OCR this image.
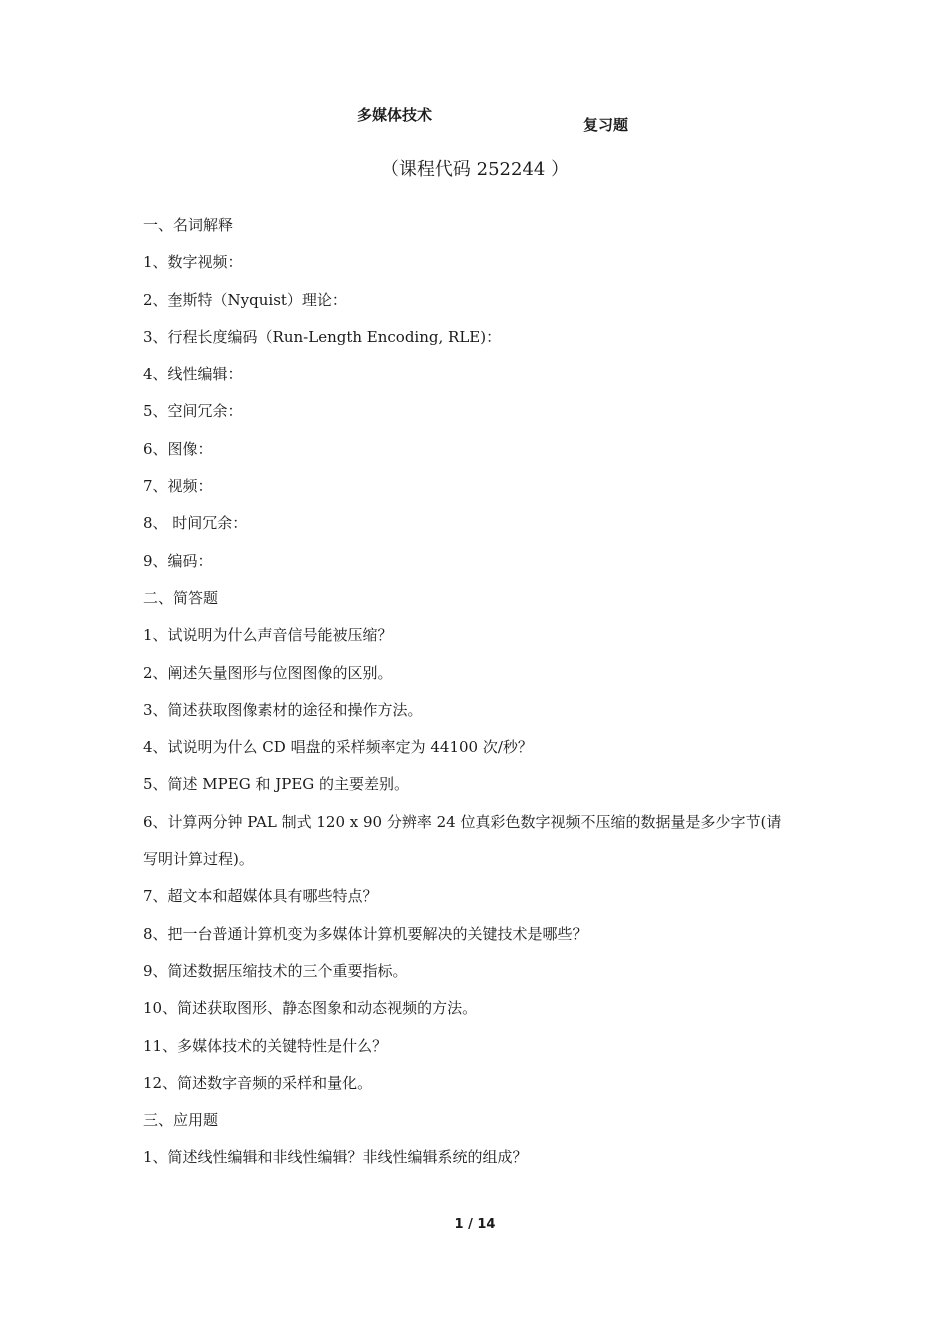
多媒体技术
复习题
（课程代码 252244 ）
一、名词解释
1、数字视频：
2、奎斯特（Nyquist）理论：
3、行程长度编码（Run-Length Encoding, RLE)：
4、线性编辑：
5、空间冗余：
6、图像：
7、视频：
8、 时间冗余：
9、编码：
二、简答题
1、试说明为什么声音信号能被压缩？
2、阐述矢量图形与位图图像的区别。
3、简述获取图像素材的途径和操作方法。
4、试说明为什么 CD 唱盘的采样频率定为 44100 次/秒？
5、简述 MPEG 和 JPEG 的主要差别。
6、计算两分钟 PAL 制式 120 x 90 分辨率 24 位真彩色数字视频不压缩的数据量是多少字节(请
写明计算过程)。
7、超文本和超媒体具有哪些特点？
8、把一台普通计算机变为多媒体计算机要解决的关键技术是哪些？
9、简述数据压缩技术的三个重要指标。
10、简述获取图形、静态图象和动态视频的方法。
11、多媒体技术的关键特性是什么？
12、简述数字音频的采样和量化。
三、应用题
1、简述线性编辑和非线性编辑？非线性编辑系统的组成？
1 / 14
